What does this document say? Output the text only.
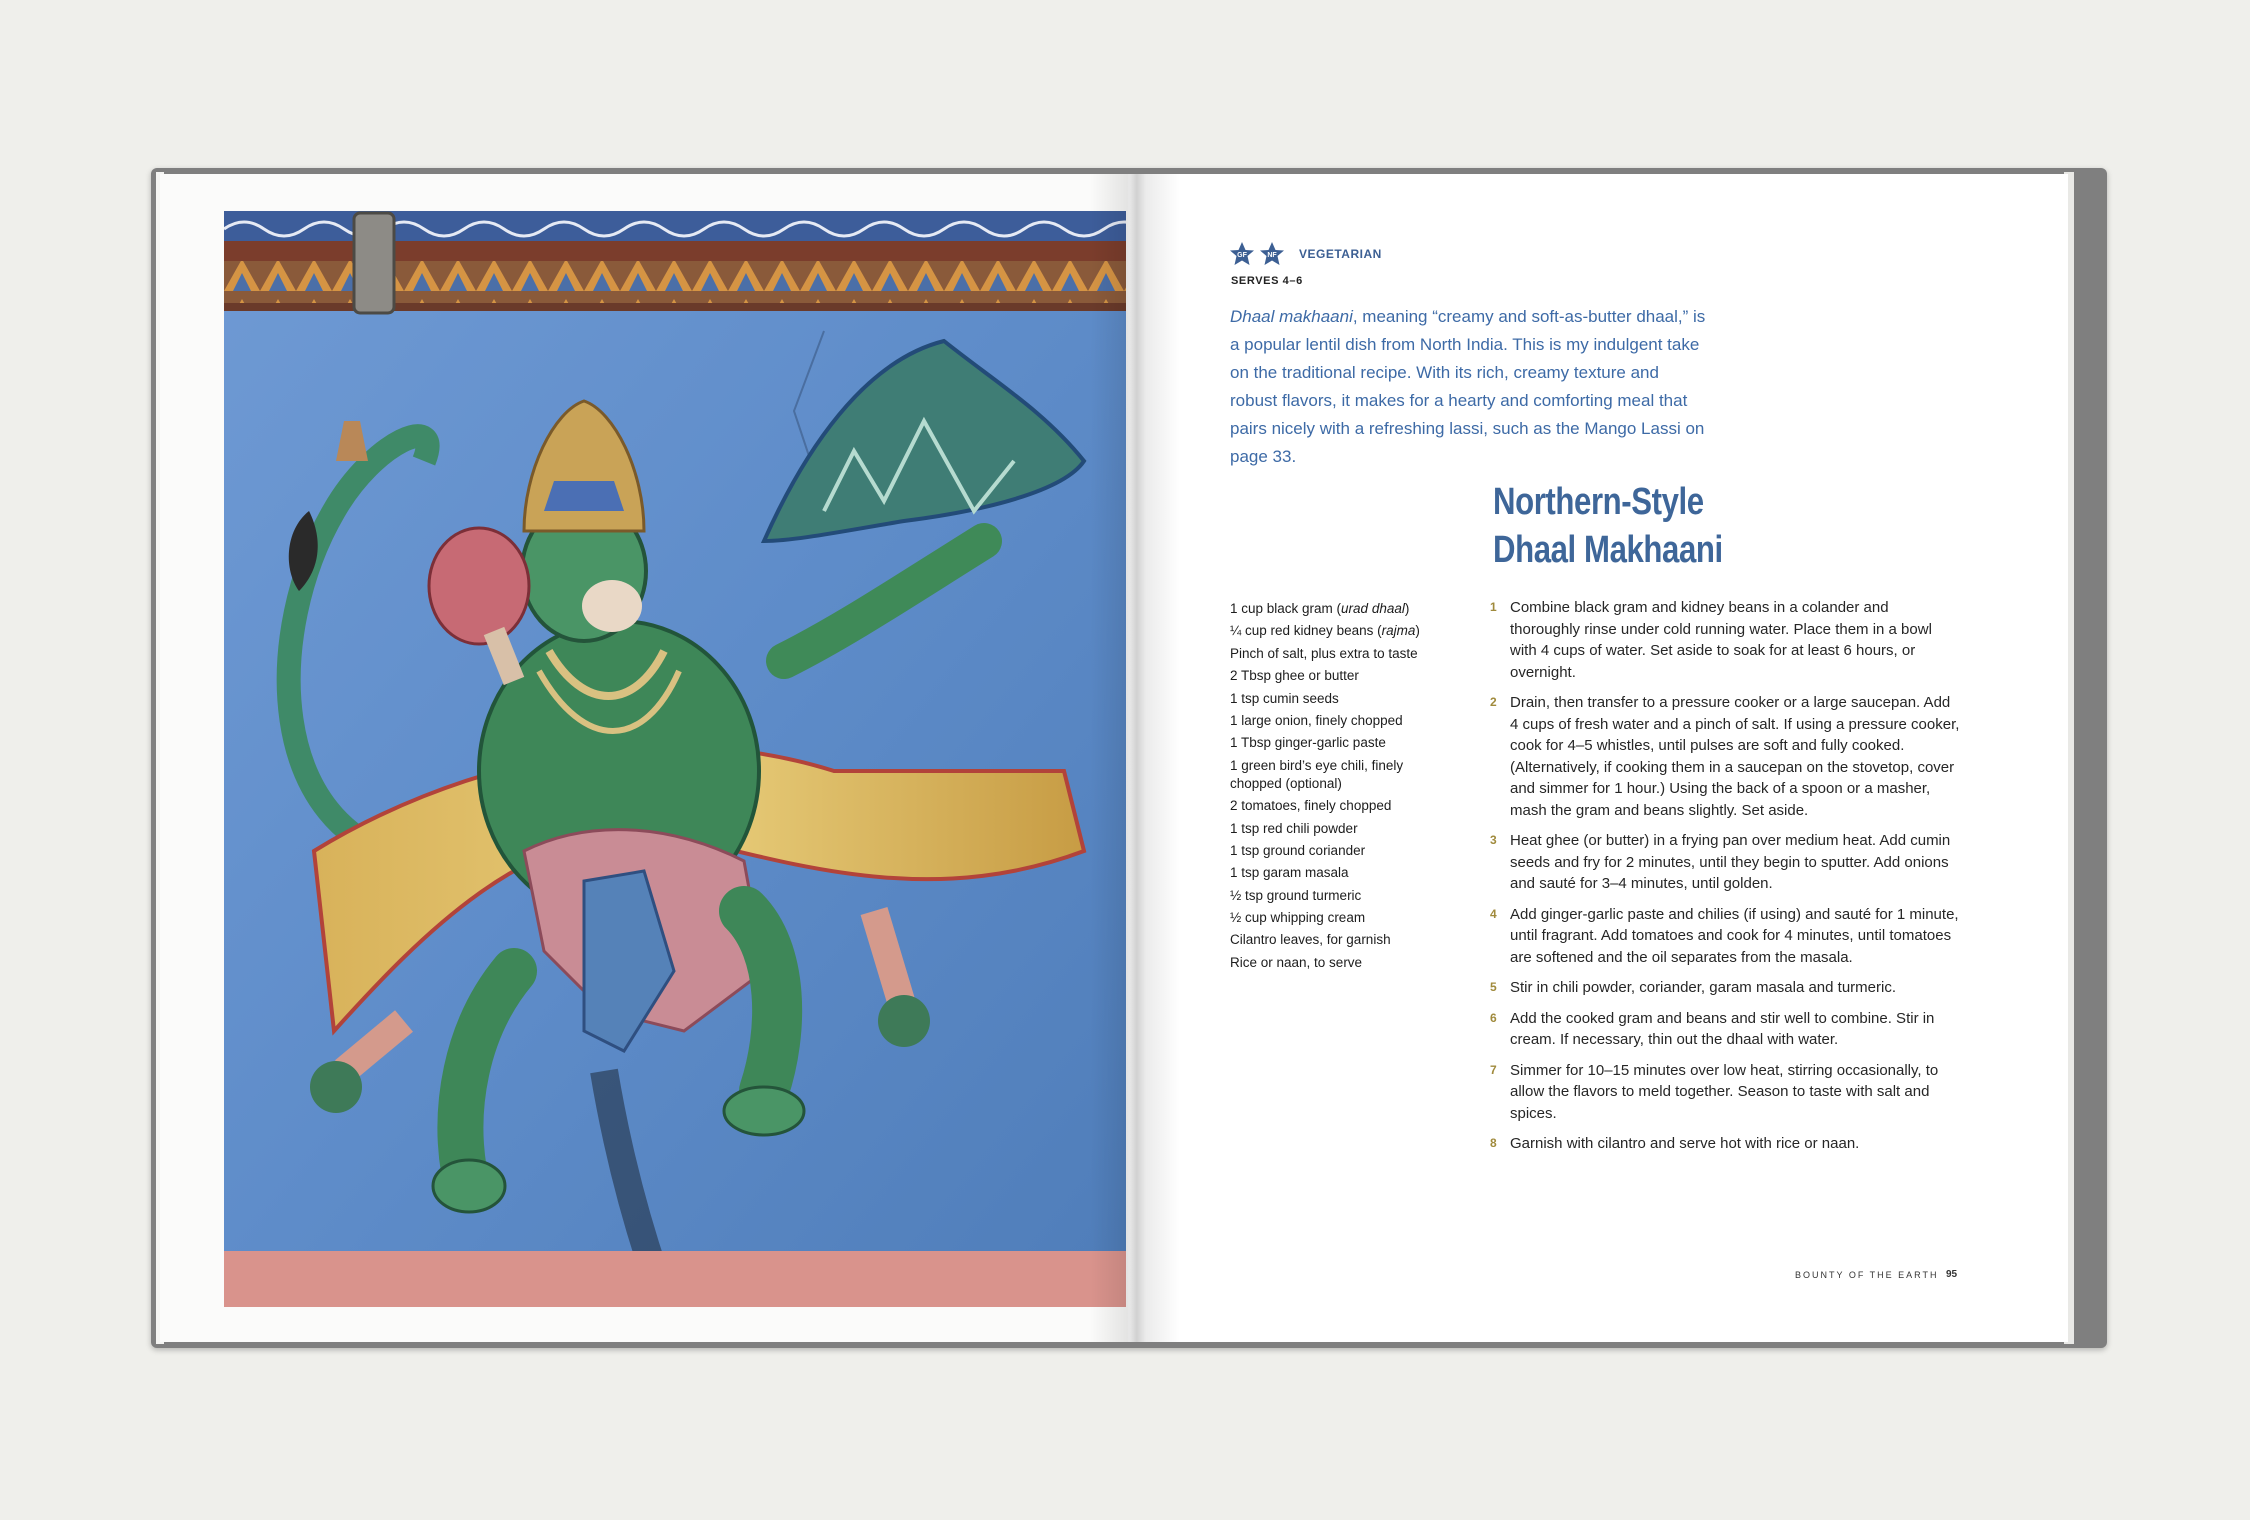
GF	NF VEGETARIAN
SERVES 4–6
Dhaal makhaani, meaning “creamy and soft-as-butter dhaal,” is a popular lentil dish from North India. This is my indulgent take on the traditional recipe. With its rich, creamy texture and robust flavors, it makes for a hearty and comforting meal that pairs nicely with a refreshing lassi, such as the Mango Lassi on page 33.
Northern-Style
Dhaal Makhaani
1 cup black gram (urad dhaal)
¼ cup red kidney beans (rajma)
Pinch of salt, plus extra to taste
2 Tbsp ghee or butter
1 tsp cumin seeds
1 large onion, finely chopped
1 Tbsp ginger-garlic paste
1 green bird’s eye chili, finely chopped (optional)
2 tomatoes, finely chopped
1 tsp red chili powder
1 tsp ground coriander
1 tsp garam masala
½ tsp ground turmeric
½ cup whipping cream
Cilantro leaves, for garnish
Rice or naan, to serve
1 Combine black gram and kidney beans in a colander and thoroughly rinse under cold running water. Place them in a bowl with 4 cups of water. Set aside to soak for at least 6 hours, or overnight.
2 Drain, then transfer to a pressure cooker or a large saucepan. Add 4 cups of fresh water and a pinch of salt. If using a pressure cooker, cook for 4–5 whistles, until pulses are soft and fully cooked. (Alternatively, if cooking them in a saucepan on the stovetop, cover and simmer for 1 hour.) Using the back of a spoon or a masher, mash the gram and beans slightly. Set aside.
3 Heat ghee (or butter) in a frying pan over medium heat. Add cumin seeds and fry for 2 minutes, until they begin to sputter. Add onions and sauté for 3–4 minutes, until golden.
4 Add ginger-garlic paste and chilies (if using) and sauté for 1 minute, until fragrant. Add tomatoes and cook for 4 minutes, until tomatoes are softened and the oil separates from the masala.
5 Stir in chili powder, coriander, garam masala and turmeric.
6 Add the cooked gram and beans and stir well to combine. Stir in cream. If necessary, thin out the dhaal with water.
7 Simmer for 10–15 minutes over low heat, stirring occasionally, to allow the flavors to meld together. Season to taste with salt and spices.
8 Garnish with cilantro and serve hot with rice or naan.
BOUNTY OF THE EARTH 95
